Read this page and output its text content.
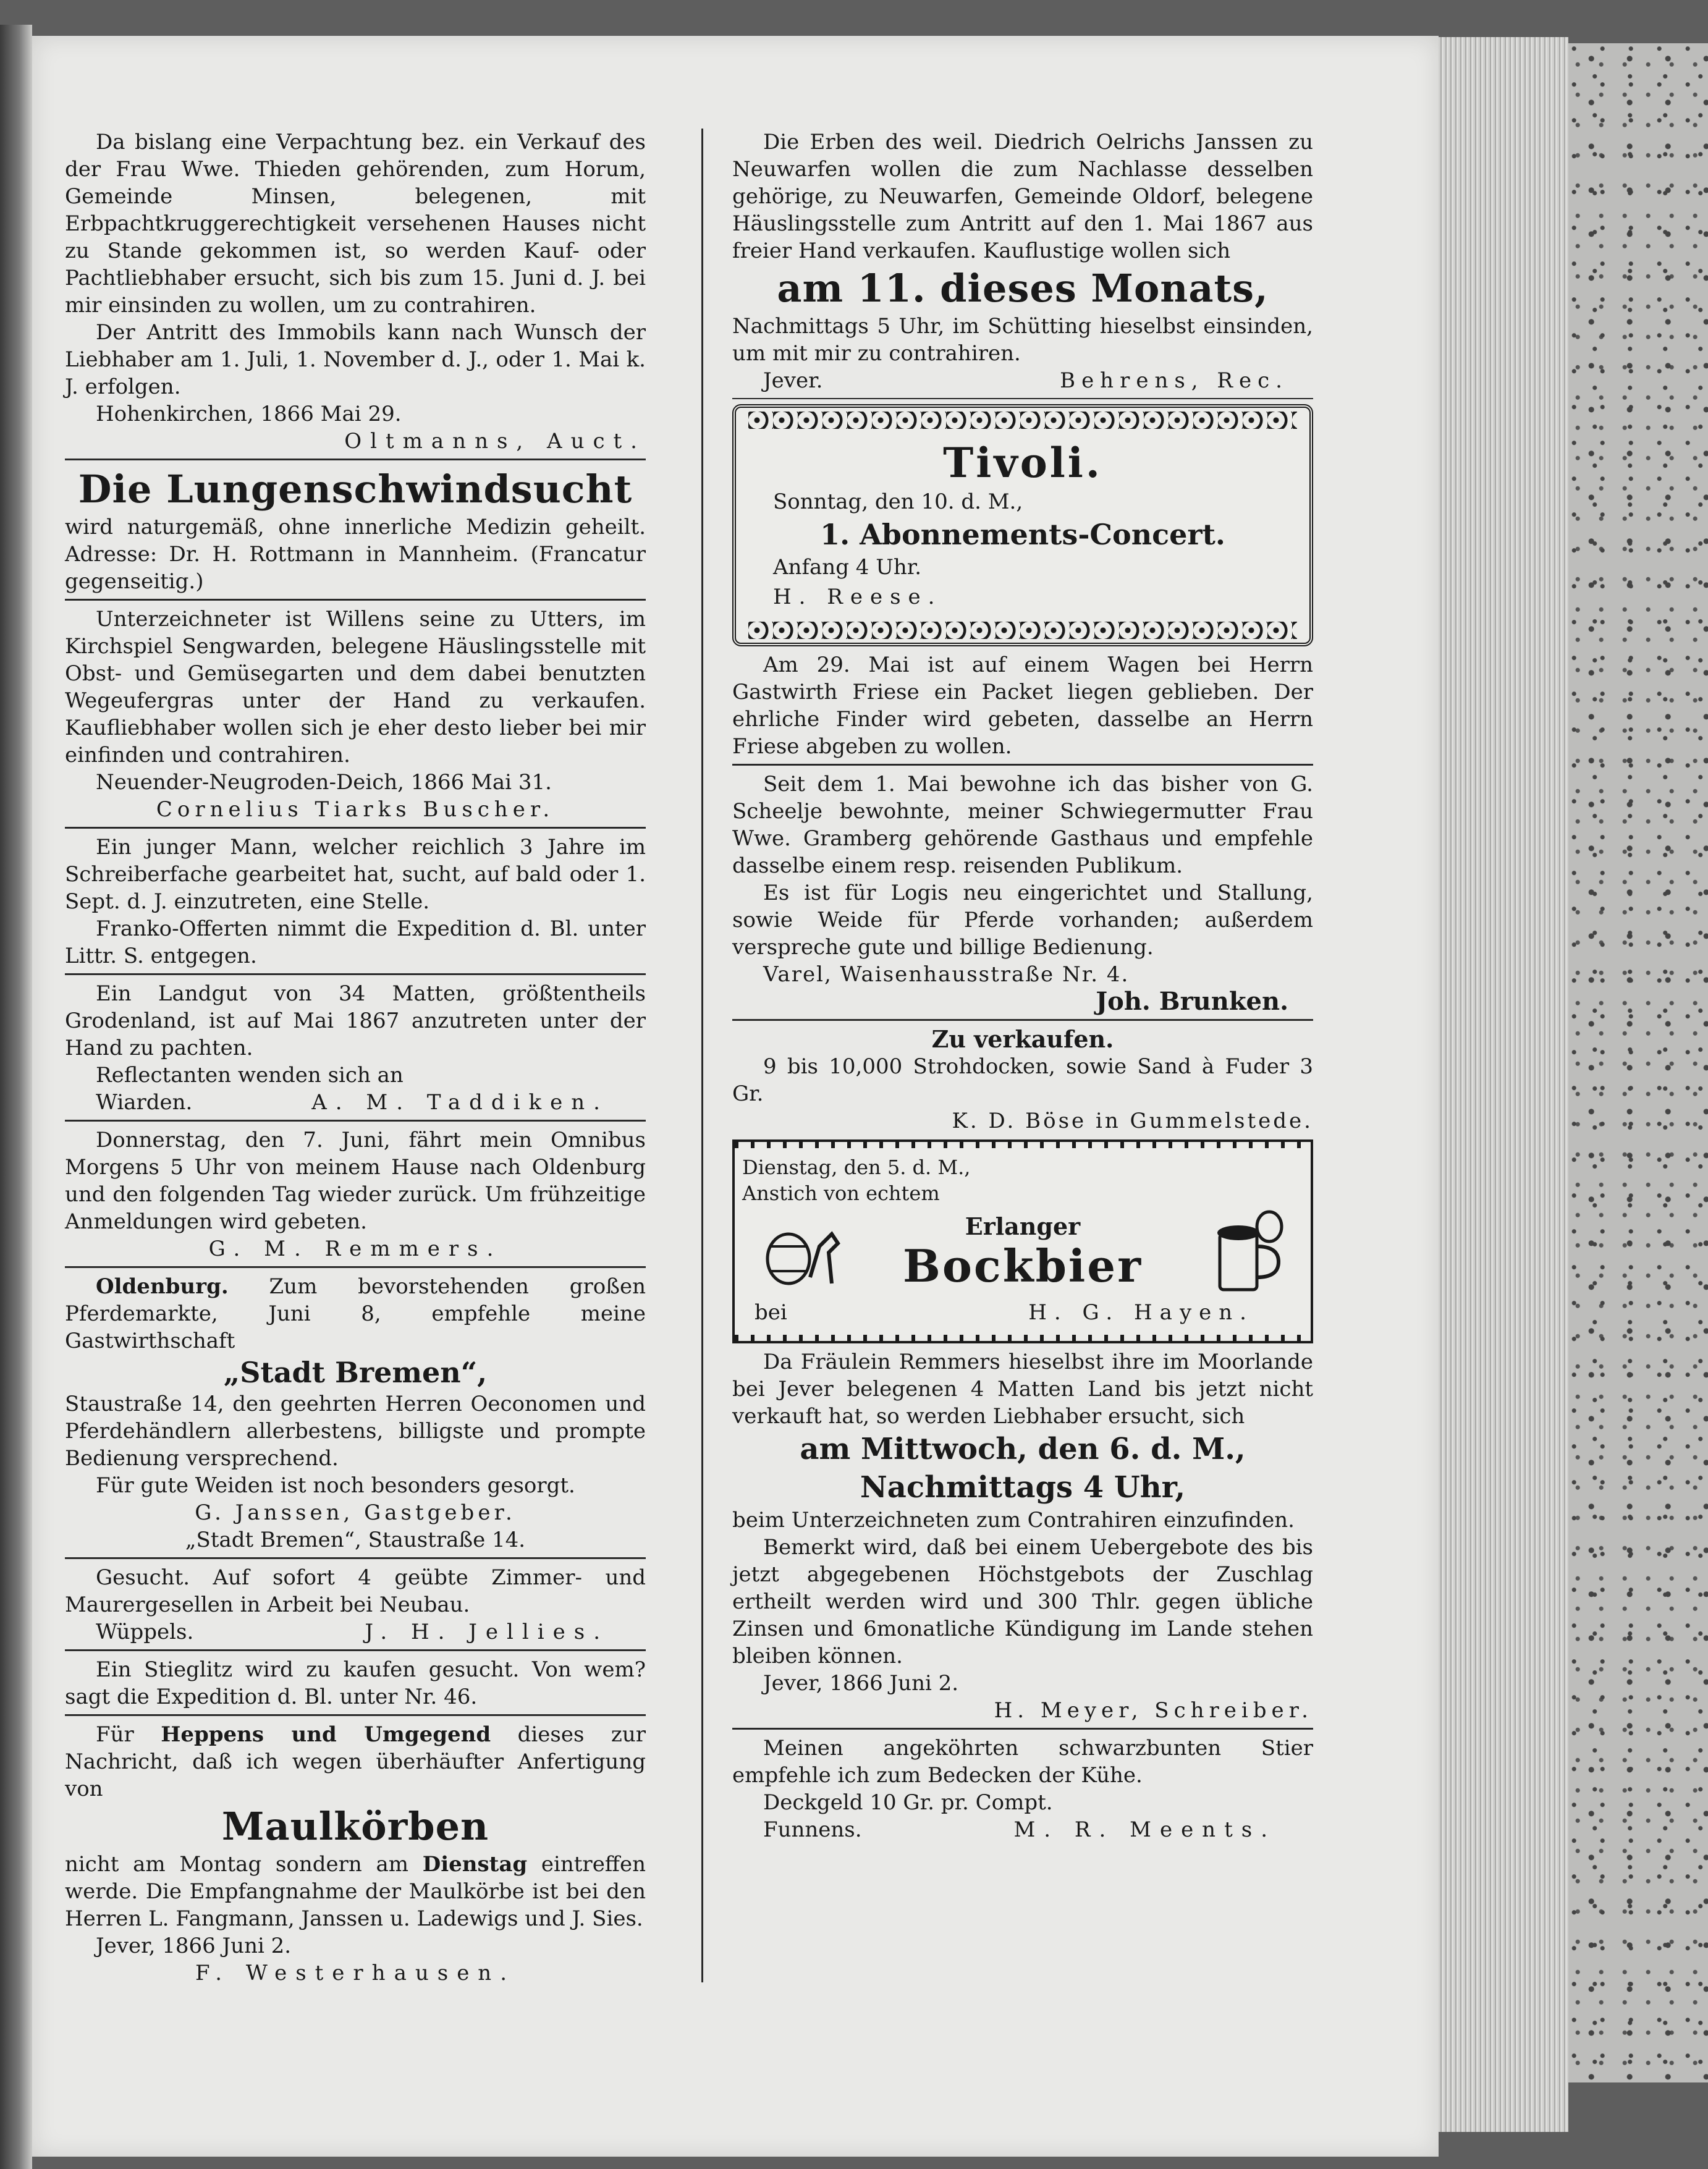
Da bislang eine Verpachtung bez. ein Verkauf des der Frau Wwe. Thieden gehörenden, zum Horum, Gemeinde Minsen, belegenen, mit Erbpachtkruggerechtigkeit versehenen Hauses nicht zu Stande gekommen ist, so werden Kauf- oder Pachtliebhaber ersucht, sich bis zum 15. Juni d. J. bei mir einsinden zu wollen, um zu contrahiren.

Der Antritt des Immobils kann nach Wunsch der Liebhaber am 1. Juli, 1. November d. J., oder 1. Mai k. J. erfolgen.

Hohenkirchen, 1866 Mai 29.

Oltmanns, Auct.

Die Lungenschwindsucht

wird naturgemäß, ohne innerliche Medizin geheilt. Adresse: Dr. H. Rottmann in Mannheim. (Francatur gegenseitig.)

Unterzeichneter ist Willens seine zu Utters, im Kirchspiel Sengwarden, belegene Häuslingsstelle mit Obst- und Gemüsegarten und dem dabei benutzten Wegeufergras unter der Hand zu verkaufen. Kaufliebhaber wollen sich je eher desto lieber bei mir einfinden und contrahiren.

Neuender-Neugroden-Deich, 1866 Mai 31.

Cornelius Tiarks Buscher.

Ein junger Mann, welcher reichlich 3 Jahre im Schreiberfache gearbeitet hat, sucht, auf bald oder 1. Sept. d. J. einzutreten, eine Stelle.

Franko-Offerten nimmt die Expedition d. Bl. unter Littr. S. entgegen.

Ein Landgut von 34 Matten, größtentheils Grodenland, ist auf Mai 1867 anzutreten unter der Hand zu pachten.

Reflectanten wenden sich an

Wiarden.	A. M. Taddiken.

Donnerstag, den 7. Juni, fährt mein Omnibus Morgens 5 Uhr von meinem Hause nach Oldenburg und den folgenden Tag wieder zurück. Um frühzeitige Anmeldungen wird gebeten.

G. M. Remmers.

Oldenburg. Zum bevorstehenden großen Pferdemarkte, Juni 8, empfehle meine Gastwirthschaft

„Stadt Bremen“,

Staustraße 14, den geehrten Herren Oeconomen und Pferdehändlern allerbestens, billigste und prompte Bedienung versprechend.

Für gute Weiden ist noch besonders gesorgt.

G. Janssen, Gastgeber.

„Stadt Bremen“, Staustraße 14.

Gesucht. Auf sofort 4 geübte Zimmer- und Maurergesellen in Arbeit bei Neubau.

Wüppels.	J. H. Jellies.

Ein Stieglitz wird zu kaufen gesucht. Von wem? sagt die Expedition d. Bl. unter Nr. 46.

Für Heppens und Umgegend dieses zur Nachricht, daß ich wegen überhäufter Anfertigung von

Maulkörben

nicht am Montag sondern am Dienstag eintreffen werde. Die Empfangnahme der Maulkörbe ist bei den Herren L. Fangmann, Janssen u. Ladewigs und J. Sies.

Jever, 1866 Juni 2.

F. Westerhausen.

Die Erben des weil. Diedrich Oelrichs Janssen zu Neuwarfen wollen die zum Nachlasse desselben gehörige, zu Neuwarfen, Gemeinde Oldorf, belegene Häuslingsstelle zum Antritt auf den 1. Mai 1867 aus freier Hand verkaufen. Kauflustige wollen sich

am 11. dieses Monats,

Nachmittags 5 Uhr, im Schütting hieselbst einsinden, um mit mir zu contrahiren.

Jever.	Behrens, Rec.
Tivoli.

Sonntag, den 10. d. M.,

1. Abonnements-Concert.

Anfang 4 Uhr.

H. Reese.

Am 29. Mai ist auf einem Wagen bei Herrn Gastwirth Friese ein Packet liegen geblieben. Der ehrliche Finder wird gebeten, dasselbe an Herrn Friese abgeben zu wollen.

Seit dem 1. Mai bewohne ich das bisher von G. Scheelje bewohnte, meiner Schwiegermutter Frau Wwe. Gramberg gehörende Gasthaus und empfehle dasselbe einem resp. reisenden Publikum.

Es ist für Logis neu eingerichtet und Stallung, sowie Weide für Pferde vorhanden; außerdem verspreche gute und billige Bedienung.

Varel, Waisenhausstraße Nr. 4.

Joh. Brunken.

Zu verkaufen.

9 bis 10,000 Strohdocken, sowie Sand à Fuder 3 Gr.

K. D. Böse in Gummelstede.

Dienstag, den 5. d. M.,

Anstich von echtem

Erlanger
Bockbier
bei	H. G. Hayen.

Da Fräulein Remmers hieselbst ihre im Moorlande bei Jever belegenen 4 Matten Land bis jetzt nicht verkauft hat, so werden Liebhaber ersucht, sich

am Mittwoch, den 6. d. M., Nachmittags 4 Uhr,

beim Unterzeichneten zum Contrahiren einzufinden.

Bemerkt wird, daß bei einem Uebergebote des bis jetzt abgegebenen Höchstgebots der Zuschlag ertheilt werden wird und 300 Thlr. gegen übliche Zinsen und 6monatliche Kündigung im Lande stehen bleiben können.

Jever, 1866 Juni 2.

H. Meyer, Schreiber.

Meinen angeköhrten schwarzbunten Stier empfehle ich zum Bedecken der Kühe.

Deckgeld 10 Gr. pr. Compt.

Funnens.	M. R. Meents.
